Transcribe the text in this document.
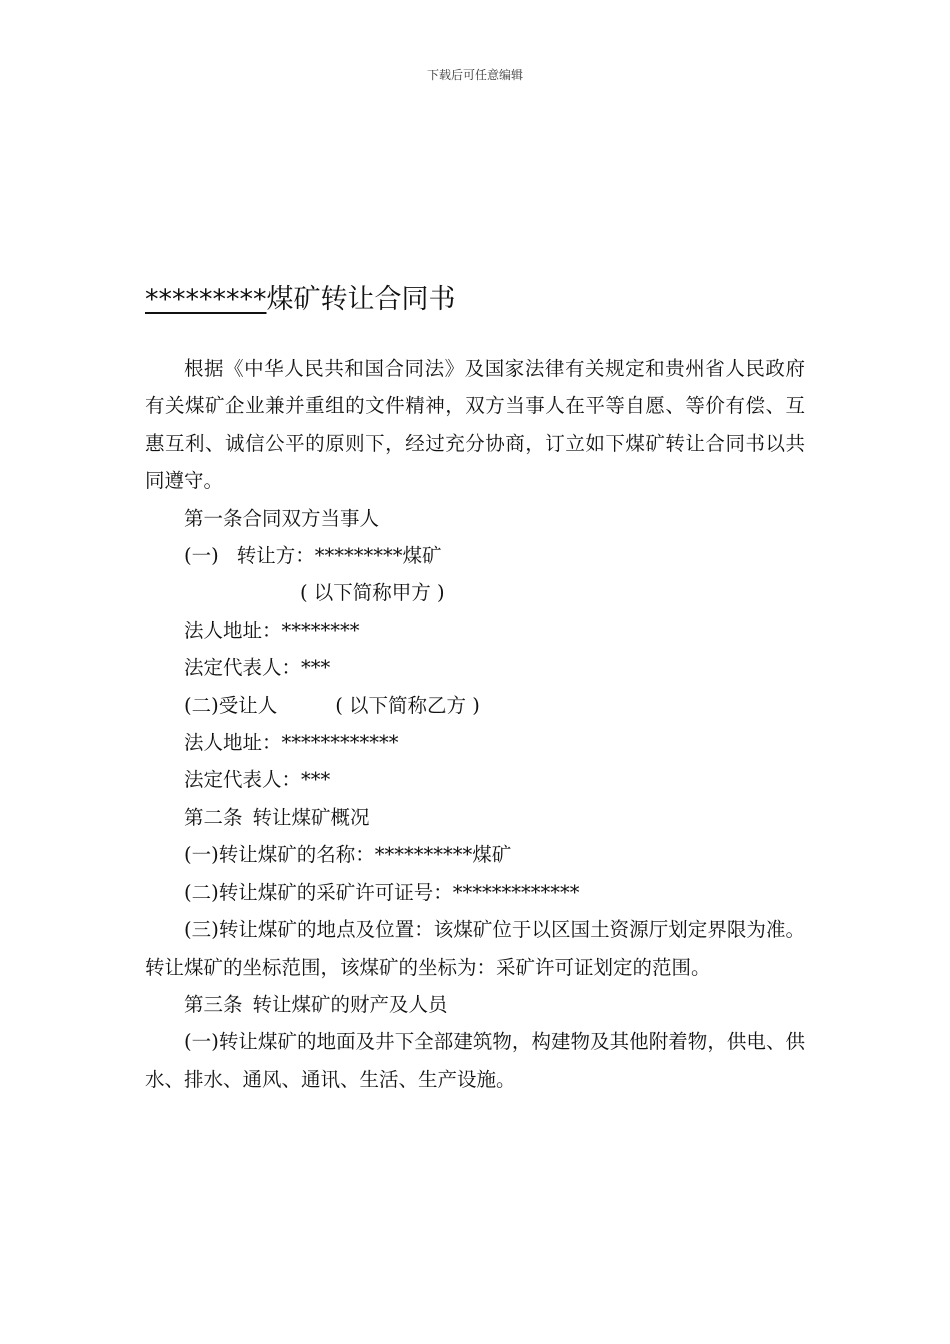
下载后可任意编辑
*********煤矿转让合同书

根据《中华人民共和国合同法》及国家法律有关规定和贵州省人民政府有关煤矿企业兼并重组的文件精神，双方当事人在平等自愿、等价有偿、互惠互利、诚信公平的原则下，经过充分协商，订立如下煤矿转让合同书以共同遵守。

第一条合同双方当事人

(一) 转让方：*********煤矿

( 以下简称甲方 )

法人地址：********

法定代表人：***

(二)受让人	( 以下简称乙方 )

法人地址：************

法定代表人：***

第二条 转让煤矿概况

(一)转让煤矿的名称：**********煤矿

(二)转让煤矿的采矿许可证号：*************

(三)转让煤矿的地点及位置：该煤矿位于以区国土资源厅划定界限为准。转让煤矿的坐标范围，该煤矿的坐标为：采矿许可证划定的范围。

第三条 转让煤矿的财产及人员

(一)转让煤矿的地面及井下全部建筑物，构建物及其他附着物，供电、供水、排水、通风、通讯、生活、生产设施。
